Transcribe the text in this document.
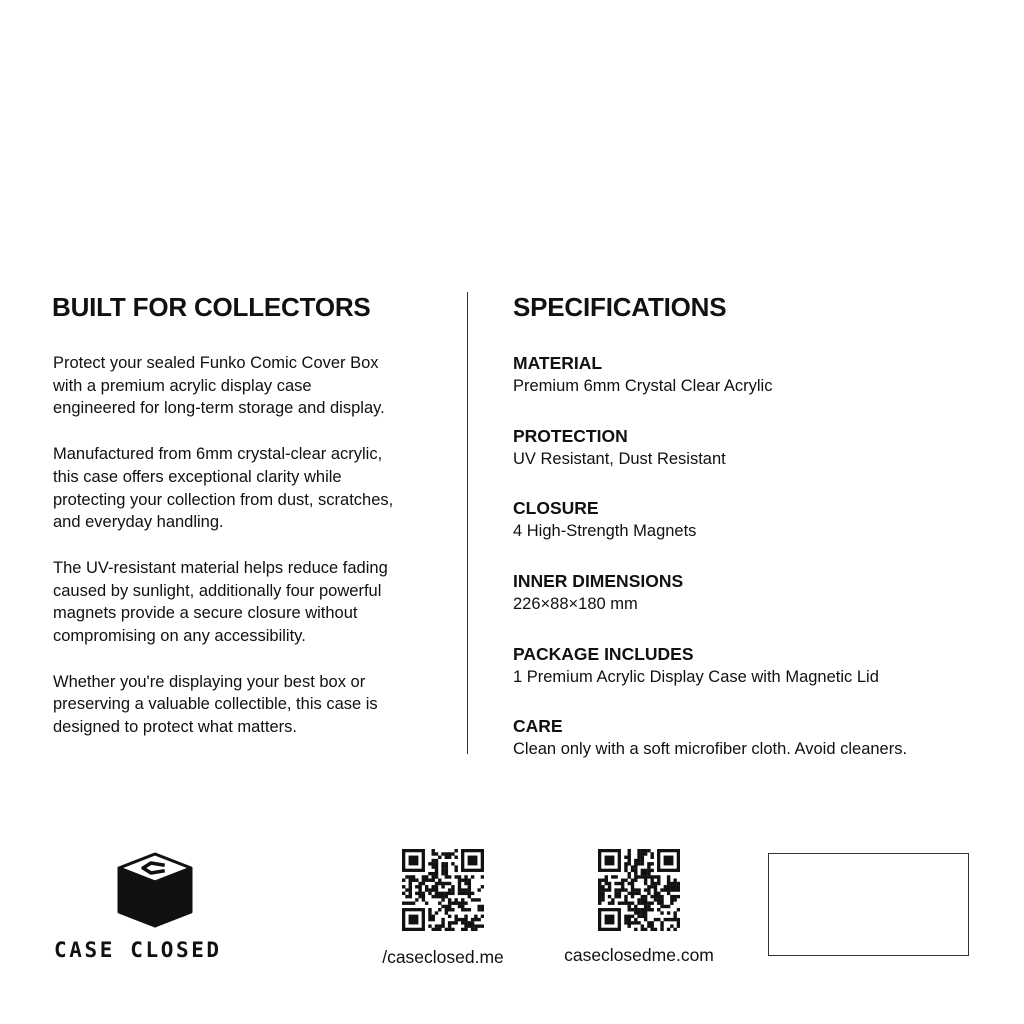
BUILT FOR COLLECTORS

Protect your sealed Funko Comic Cover Box with a premium acrylic display case engineered for long-term storage and display.

Manufactured from 6mm crystal-clear acrylic, this case offers exceptional clarity while protecting your collection from dust, scratches, and everyday handling.

The UV-resistant material helps reduce fading caused by sunlight, additionally four powerful magnets provide a secure closure without compromising on any accessibility.

Whether you're displaying your best box or preserving a valuable collectible, this case is designed to protect what matters.

SPECIFICATIONS
MATERIAL
Premium 6mm Crystal Clear Acrylic
PROTECTION
UV Resistant, Dust Resistant
CLOSURE
4 High-Strength Magnets
INNER DIMENSIONS
226×88×180 mm
PACKAGE INCLUDES
1 Premium Acrylic Display Case with Magnetic Lid
CARE
Clean only with a soft microfiber cloth. Avoid cleaners.
CASE CLOSED	/caseclosed.me	caseclosedme.com
